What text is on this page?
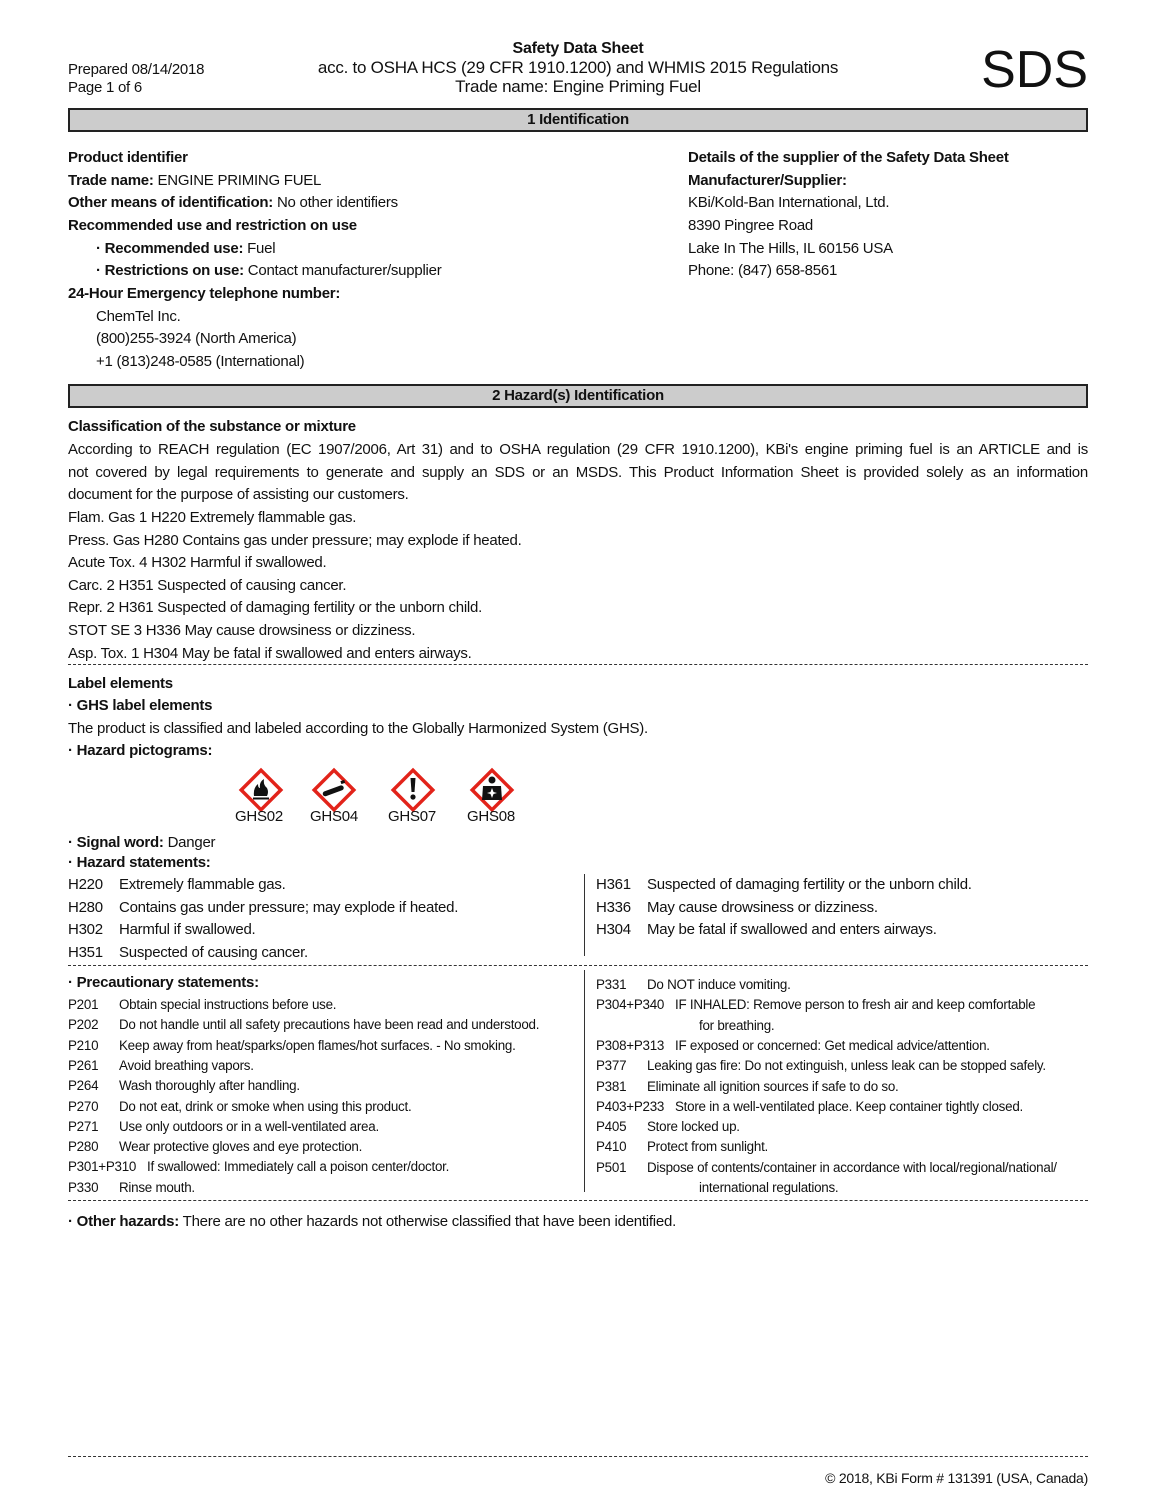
Safety Data Sheet
acc. to OSHA HCS (29 CFR 1910.1200) and WHMIS 2015 Regulations
Trade name: Engine Priming Fuel
Prepared 08/14/2018
Page 1 of 6	SDS
1 Identification
Product identifier
Trade name: ENGINE PRIMING FUEL
Other means of identification: No other identifiers
Recommended use and restriction on use
· Recommended use: Fuel
· Restrictions on use: Contact manufacturer/supplier
24-Hour Emergency telephone number:
ChemTel Inc.
(800)255-3924 (North America)
+1 (813)248-0585 (International)
Details of the supplier of the Safety Data Sheet
Manufacturer/Supplier:
KBi/Kold-Ban International, Ltd.
8390 Pingree Road
Lake In The Hills, IL 60156 USA
Phone: (847) 658-8561
2 Hazard(s) Identification
Classification of the substance or mixture
According to REACH regulation (EC 1907/2006, Art 31) and to OSHA regulation (29 CFR 1910.1200), KBi's engine priming fuel is an ARTICLE and is
not covered by legal requirements to generate and supply an SDS or an MSDS. This Product Information Sheet is provided solely as an information
document for the purpose of assisting our customers.
Flam. Gas 1 H220 Extremely flammable gas.
Press. Gas H280 Contains gas under pressure; may explode if heated.
Acute Tox. 4 H302 Harmful if swallowed.
Carc. 2 H351 Suspected of causing cancer.
Repr. 2 H361 Suspected of damaging fertility or the unborn child.
STOT SE 3 H336 May cause drowsiness or dizziness.
Asp. Tox. 1 H304 May be fatal if swallowed and enters airways.
Label elements
· GHS label elements
The product is classified and labeled according to the Globally Harmonized System (GHS).
· Hazard pictograms:
GHS02 GHS04 GHS07 GHS08
· Signal word: Danger
· Hazard statements:
H220 Extremely flammable gas.
H280 Contains gas under pressure; may explode if heated.
H302 Harmful if swallowed.
H351 Suspected of causing cancer.
H361 Suspected of damaging fertility or the unborn child.
H336 May cause drowsiness or dizziness.
H304 May be fatal if swallowed and enters airways.
· Precautionary statements:
P201 Obtain special instructions before use.
P202 Do not handle until all safety precautions have been read and understood.
P210 Keep away from heat/sparks/open flames/hot surfaces. - No smoking.
P261 Avoid breathing vapors.
P264 Wash thoroughly after handling.
P270 Do not eat, drink or smoke when using this product.
P271 Use only outdoors or in a well-ventilated area.
P280 Wear protective gloves and eye protection.
P301+P310 If swallowed: Immediately call a poison center/doctor.
P330 Rinse mouth.
P331 Do NOT induce vomiting.
P304+P340 IF INHALED: Remove person to fresh air and keep comfortable
for breathing.
P308+P313 IF exposed or concerned: Get medical advice/attention.
P377 Leaking gas fire: Do not extinguish, unless leak can be stopped safely.
P381 Eliminate all ignition sources if safe to do so.
P403+P233 Store in a well-ventilated place. Keep container tightly closed.
P405 Store locked up.
P410 Protect from sunlight.
P501 Dispose of contents/container in accordance with local/regional/national/
international regulations.
· Other hazards: There are no other hazards not otherwise classified that have been identified.
© 2018, KBi Form # 131391 (USA, Canada)
